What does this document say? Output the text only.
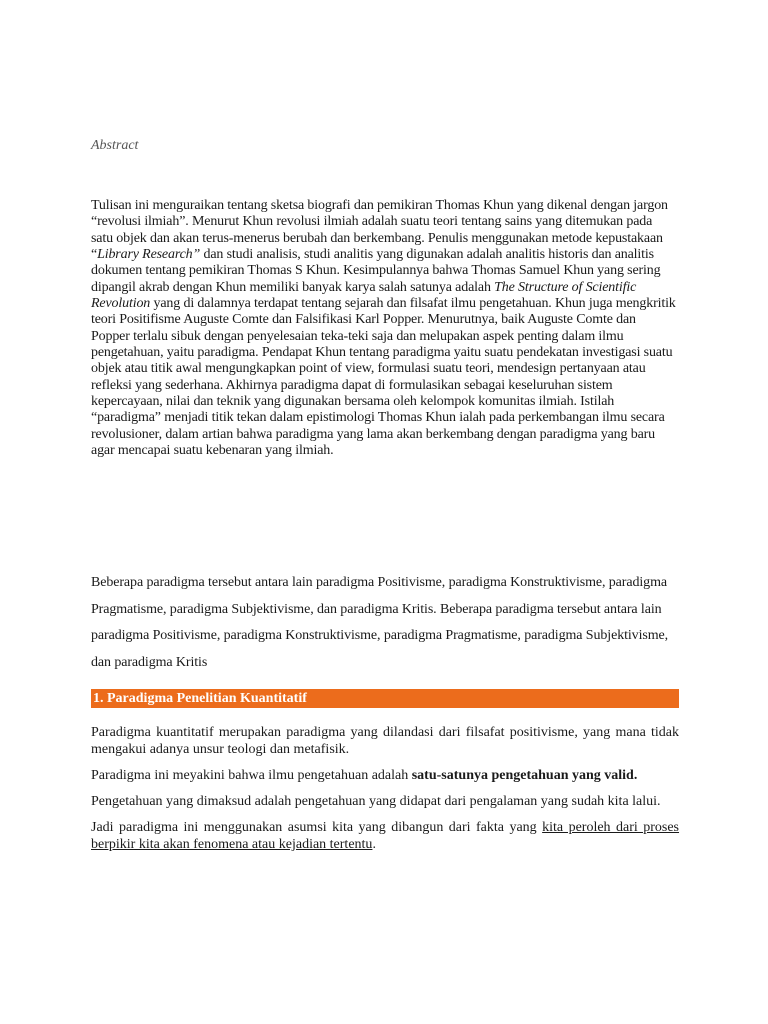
Abstract

Tulisan ini menguraikan tentang sketsa biografi dan pemikiran Thomas Khun yang dikenal dengan jargon “revolusi ilmiah”. Menurut Khun revolusi ilmiah adalah suatu teori tentang sains yang ditemukan pada satu objek dan akan terus-menerus berubah dan berkembang. Penulis menggunakan metode kepustakaan “Library Research” dan studi analisis, studi analitis yang digunakan adalah analitis historis dan analitis dokumen tentang pemikiran Thomas S Khun. Kesimpulannya bahwa Thomas Samuel Khun yang sering dipangil akrab dengan Khun memiliki banyak karya salah satunya adalah The Structure of Scientific Revolution yang di dalamnya terdapat tentang sejarah dan filsafat ilmu pengetahuan. Khun juga mengkritik teori Positifisme Auguste Comte dan Falsifikasi Karl Popper. Menurutnya, baik Auguste Comte dan Popper terlalu sibuk dengan penyelesaian teka-teki saja dan melupakan aspek penting dalam ilmu pengetahuan, yaitu paradigma. Pendapat Khun tentang paradigma yaitu suatu pendekatan investigasi suatu objek atau titik awal mengungkapkan point of view, formulasi suatu teori, mendesign pertanyaan atau refleksi yang sederhana. Akhirnya paradigma dapat di formulasikan sebagai keseluruhan sistem kepercayaan, nilai dan teknik yang digunakan bersama oleh kelompok komunitas ilmiah. Istilah “paradigma” menjadi titik tekan dalam epistimologi Thomas Khun ialah pada perkembangan ilmu secara revolusioner, dalam artian bahwa paradigma yang lama akan berkembang dengan paradigma yang baru agar mencapai suatu kebenaran yang ilmiah.

Beberapa paradigma tersebut antara lain paradigma Positivisme, paradigma Konstruktivisme, paradigma Pragmatisme, paradigma Subjektivisme, dan paradigma Kritis. Beberapa paradigma tersebut antara lain paradigma Positivisme, paradigma Konstruktivisme, paradigma Pragmatisme, paradigma Subjektivisme, dan paradigma Kritis

1. Paradigma Penelitian Kuantitatif

Paradigma kuantitatif merupakan paradigma yang dilandasi dari filsafat positivisme, yang mana tidak mengakui adanya unsur teologi dan metafisik.

Paradigma ini meyakini bahwa ilmu pengetahuan adalah satu-satunya pengetahuan yang valid.

Pengetahuan yang dimaksud adalah pengetahuan yang didapat dari pengalaman yang sudah kita lalui.

Jadi paradigma ini menggunakan asumsi kita yang dibangun dari fakta yang kita peroleh dari proses berpikir kita akan fenomena atau kejadian tertentu.
